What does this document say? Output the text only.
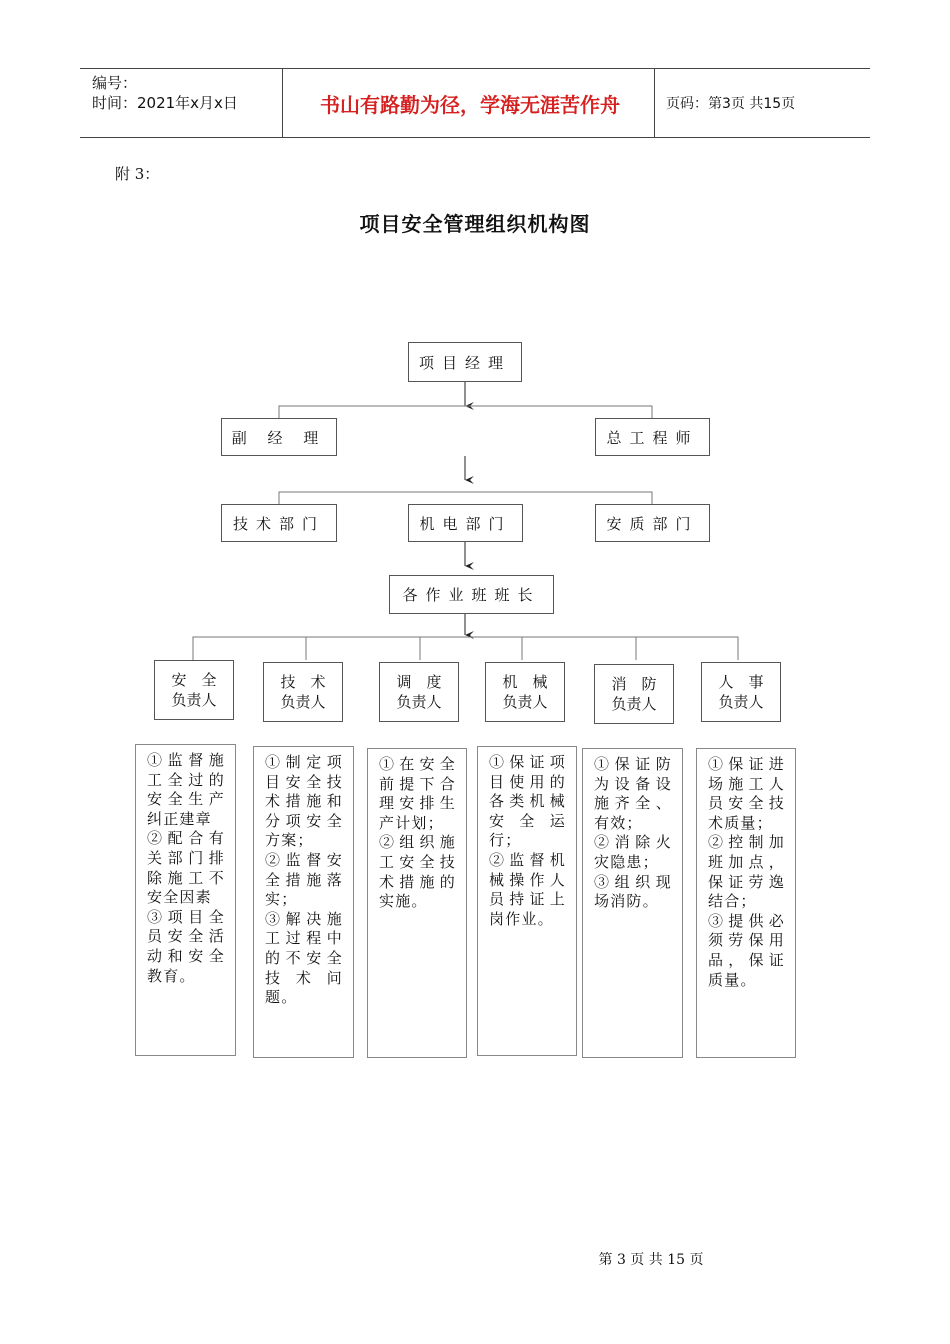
编号：
时间：2021年x月x日	书山有路勤为径，学海无涯苦作舟	页码：第3页 共15页
附 3：
项目安全管理组织机构图
项目经理
副 经 理	总工程师
技术部门	机电部门	安质部门
各作业班班长
安　全
负责人
技　术
负责人
调　度
负责人
机　械
负责人
消　防
负责人
人　事
负责人
①监督施工全过的安全生产纠正建章
②配合有关部门排除施工不安全因素
③项目全员安全活动和安全教育。
①制定项目安全技术措施和分项安全方案；
②监督安全措施落实；
③解决施工过程中的不安全技术问题。
①在安全前提下合理安排生产计划；
②组织施工安全技术措施的实施。
①保证项目使用的各类机械安全运行；
②监督机械操作人员持证上岗作业。
①保证防为设备设施齐全、有效；
②消除火灾隐患；
③组织现场消防。
①保证进场施工人员安全技术质量；
②控制加班加点，保证劳逸结合；
③提供必须劳保用品，保证质量。
第 3 页 共 15 页
